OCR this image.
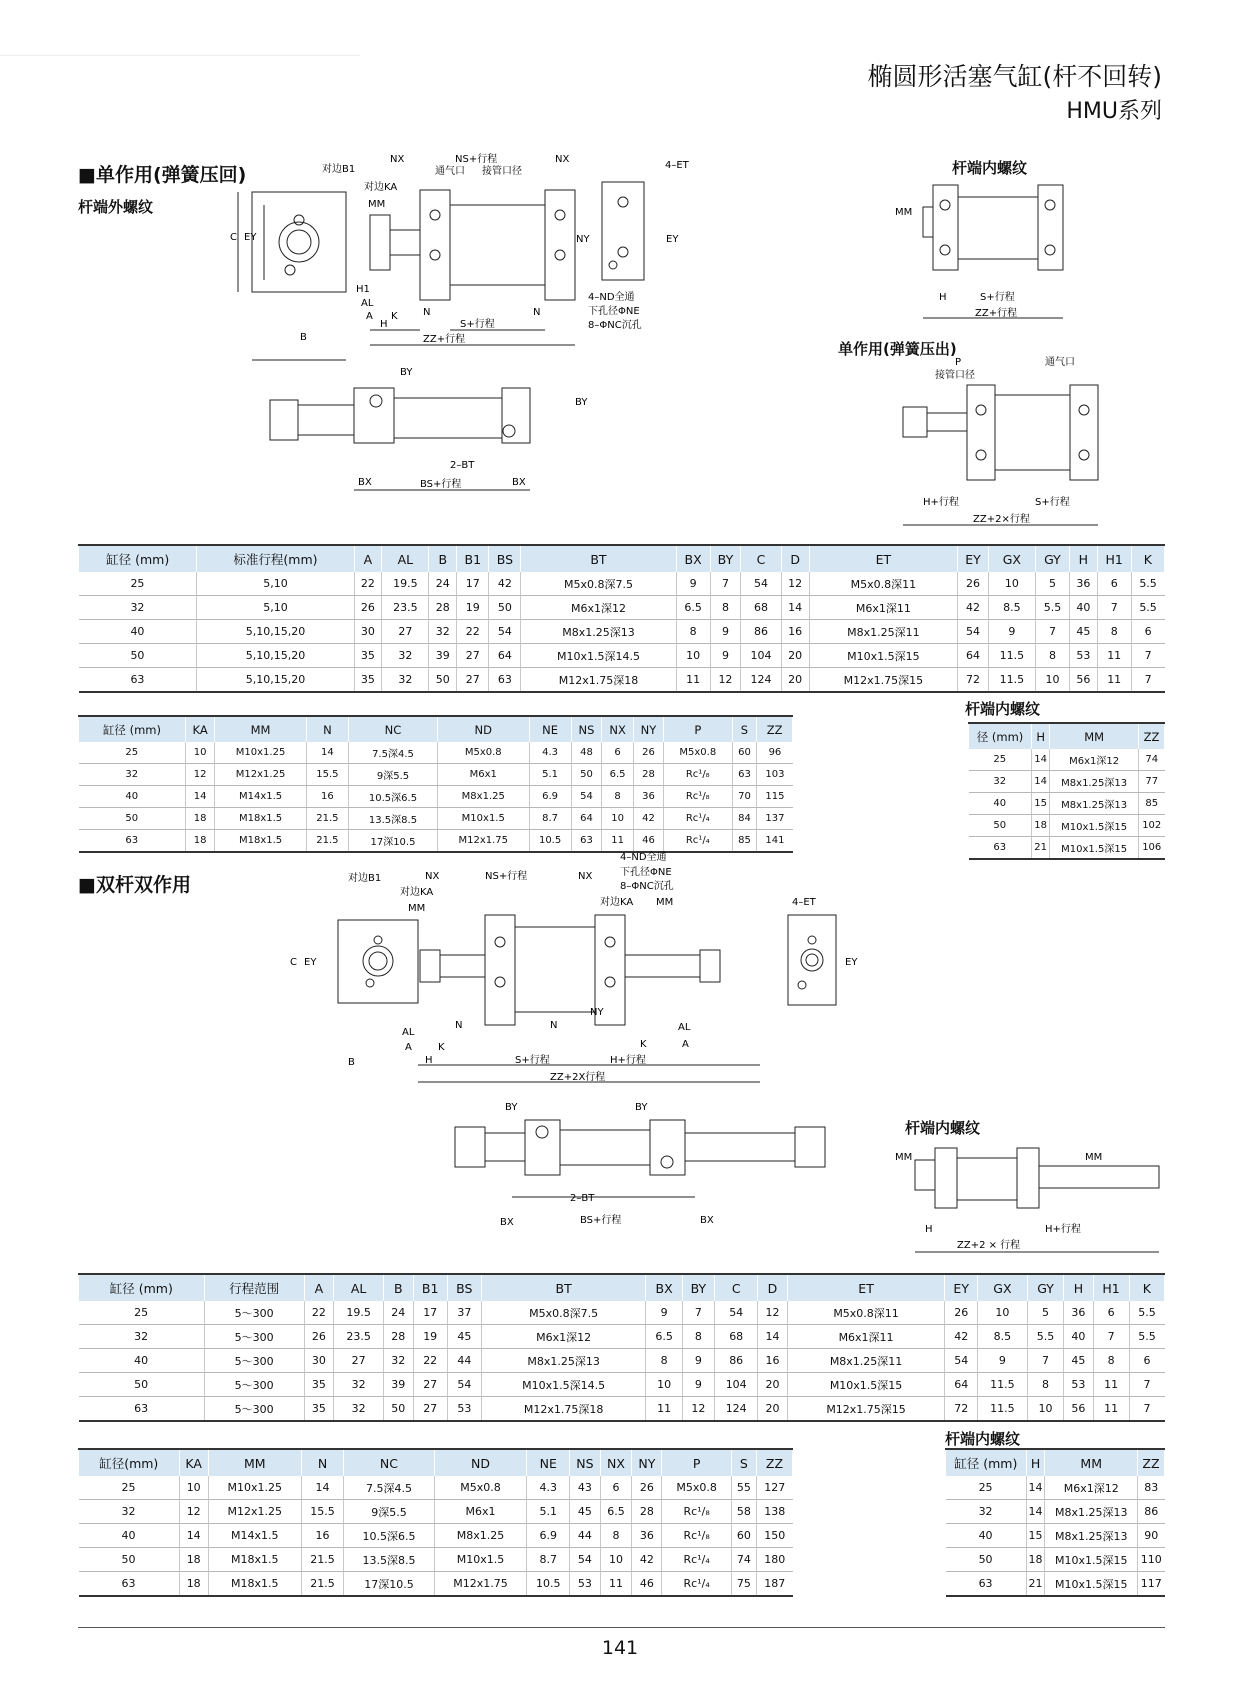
椭圆形活塞气缸(杆不回转)
HMU系列
■单作用(弹簧压回)
杆端外螺纹
杆端内螺纹
单作用(弹簧压出)
对边B1
对边KA
MM
C EY
NX	NS+行程	NX
通气口 接管口径
4–ET
NY	EY
H1
AL
A K	N	N
H	S+行程
ZZ+行程
B
4–ND全通
下孔径ΦNE
8–ΦNC沉孔
BY
BY
2–BT
BX	BS+行程	BX
MM
H	S+行程
ZZ+行程
P
接管口径
通气口
H+行程	S+行程
ZZ+2×行程
缸径 (mm)	标准行程(mm)	A	AL	B	B1	BS	BT	BX	BY	C	D	ET	EY	GX	GY	H	H1	K
25	5,10	22	19.5	24	17	42	M5x0.8深7.5	9	7	54	12	M5x0.8深11	26	10	5	36	6	5.5
32	5,10	26	23.5	28	19	50	M6x1深12	6.5	8	68	14	M6x1深11	42	8.5	5.5	40	7	5.5
40	5,10,15,20	30	27	32	22	54	M8x1.25深13	8	9	86	16	M8x1.25深11	54	9	7	45	8	6
50	5,10,15,20	35	32	39	27	64	M10x1.5深14.5	10	9	104	20	M10x1.5深15	64	11.5	8	53	11	7
63	5,10,15,20	35	32	50	27	63	M12x1.75深18	11	12	124	20	M12x1.75深15	72	11.5	10	56	11	7
缸径 (mm)	KA	MM	N	NC	ND	NE	NS	NX	NY	P	S	ZZ
25	10	M10x1.25	14	7.5深4.5	M5x0.8	4.3	48	6	26	M5x0.8	60	96
32	12	M12x1.25	15.5	9深5.5	M6x1	5.1	50	6.5	28	Rc¹/₈	63	103
40	14	M14x1.5	16	10.5深6.5	M8x1.25	6.9	54	8	36	Rc¹/₈	70	115
50	18	M18x1.5	21.5	13.5深8.5	M10x1.5	8.7	64	10	42	Rc¹/₄	84	137
63	18	M18x1.5	21.5	17深10.5	M12x1.75	10.5	63	11	46	Rc¹/₄	85	141
杆端内螺纹
径 (mm)	H	MM	ZZ
25	14	M6x1深12	74
32	14	M8x1.25深13	77
40	15	M8x1.25深13	85
50	18	M10x1.5深15	102
63	21	M10x1.5深15	106
■双杆双作用
杆端内螺纹
对边B1
对边KA
MM
NX	NS+行程	NX
4–ND全通
下孔径ΦNE
8–ΦNC沉孔
对边KA MM	4–ET
C EY	EY
NY
AL	AL
N	N
A	K	K	A
H	S+行程	H+行程
B
ZZ+2X行程
BY	BY
2–BT
BX	BS+行程	BX
MM	MM
H	H+行程
ZZ+2 × 行程
缸径 (mm)	行程范围	A	AL	B	B1	BS	BT	BX	BY	C	D	ET	EY	GX	GY	H	H1	K
25	5～300	22	19.5	24	17	37	M5x0.8深7.5	9	7	54	12	M5x0.8深11	26	10	5	36	6	5.5
32	5～300	26	23.5	28	19	45	M6x1深12	6.5	8	68	14	M6x1深11	42	8.5	5.5	40	7	5.5
40	5～300	30	27	32	22	44	M8x1.25深13	8	9	86	16	M8x1.25深11	54	9	7	45	8	6
50	5～300	35	32	39	27	54	M10x1.5深14.5	10	9	104	20	M10x1.5深15	64	11.5	8	53	11	7
63	5～300	35	32	50	27	53	M12x1.75深18	11	12	124	20	M12x1.75深15	72	11.5	10	56	11	7
缸径(mm)	KA	MM	N	NC	ND	NE	NS	NX	NY	P	S	ZZ
25	10	M10x1.25	14	7.5深4.5	M5x0.8	4.3	43	6	26	M5x0.8	55	127
32	12	M12x1.25	15.5	9深5.5	M6x1	5.1	45	6.5	28	Rc¹/₈	58	138
40	14	M14x1.5	16	10.5深6.5	M8x1.25	6.9	44	8	36	Rc¹/₈	60	150
50	18	M18x1.5	21.5	13.5深8.5	M10x1.5	8.7	54	10	42	Rc¹/₄	74	180
63	18	M18x1.5	21.5	17深10.5	M12x1.75	10.5	53	11	46	Rc¹/₄	75	187
杆端内螺纹
缸径 (mm)	H	MM	ZZ
25	14	M6x1深12	83
32	14	M8x1.25深13	86
40	15	M8x1.25深13	90
50	18	M10x1.5深15	110
63	21	M10x1.5深15	117
141
